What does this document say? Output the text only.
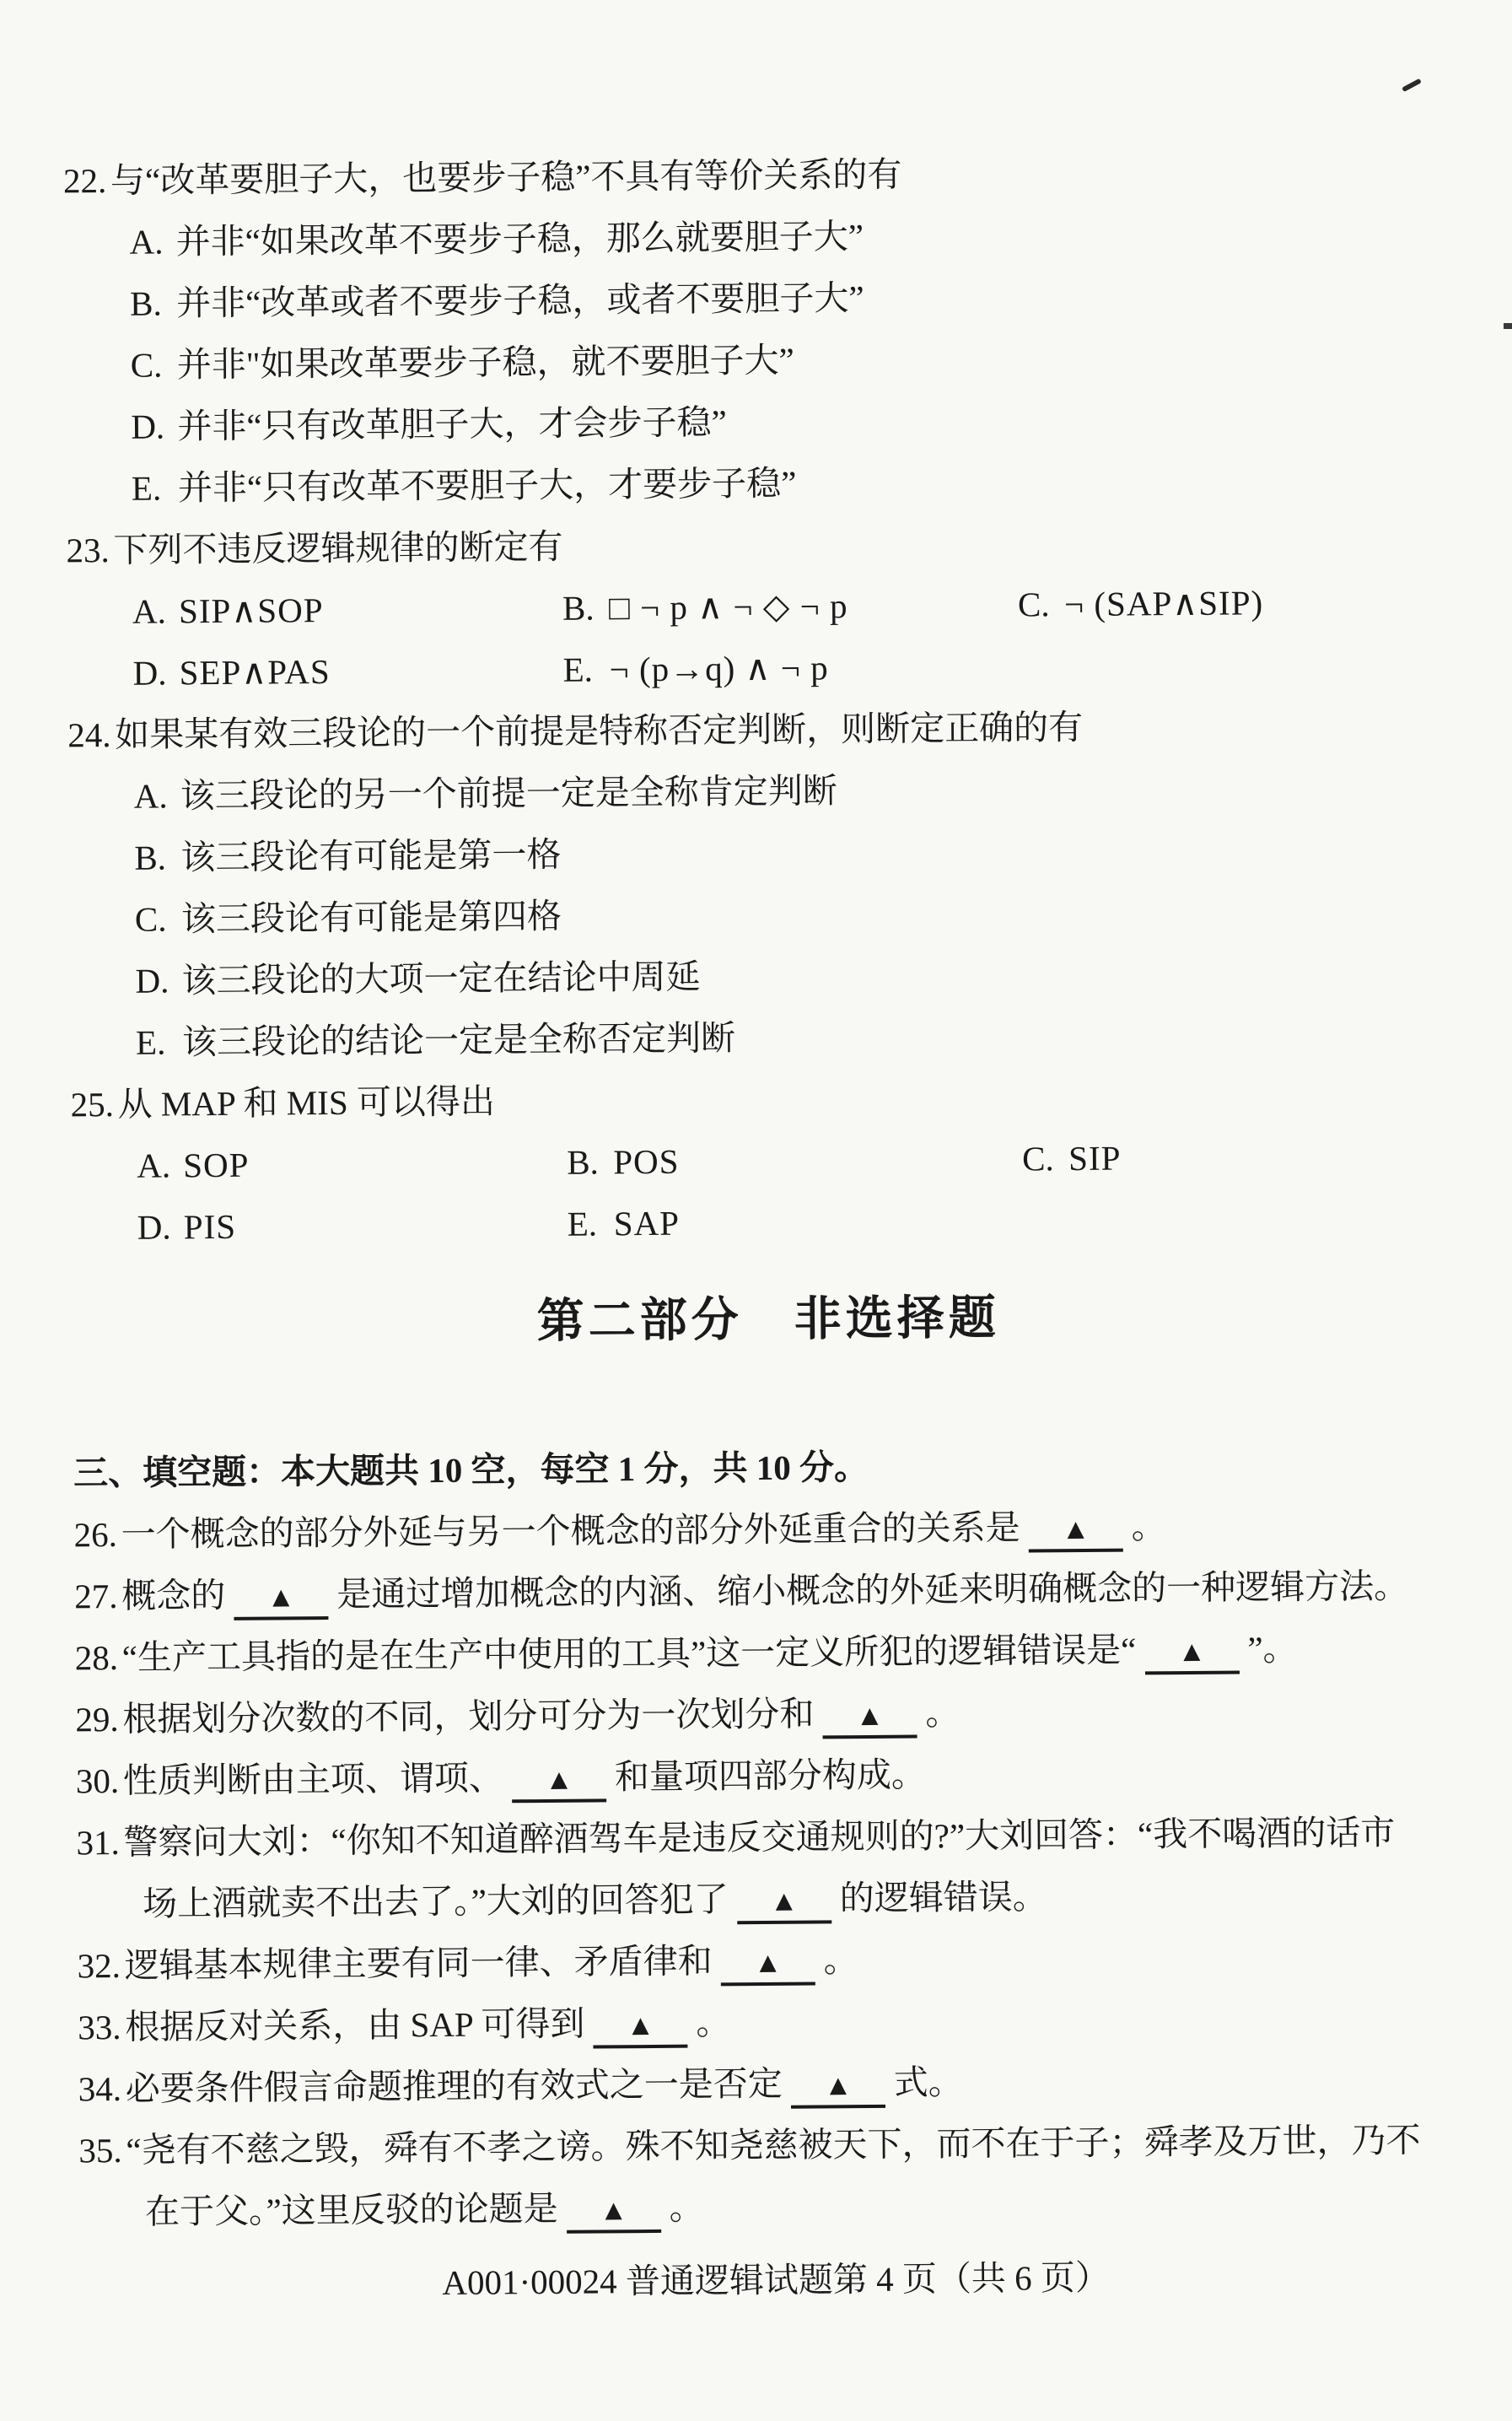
22. 与“改革要胆子大，也要步子稳”不具有等价关系的有
A. 并非“如果改革不要步子稳，那么就要胆子大”
B. 并非“改革或者不要步子稳，或者不要胆子大”
C. 并非"如果改革要步子稳，就不要胆子大”
D. 并非“只有改革胆子大，才会步子稳”
E. 并非“只有改革不要胆子大，才要步子稳”
23. 下列不违反逻辑规律的断定有
A. SIP∧SOP	B. □ ¬ p ∧ ¬ ◇ ¬ p	C. ¬ (SAP∧SIP)
D. SEP∧PAS	E. ¬ (p→q) ∧ ¬ p
24. 如果某有效三段论的一个前提是特称否定判断，则断定正确的有
A. 该三段论的另一个前提一定是全称肯定判断
B. 该三段论有可能是第一格
C. 该三段论有可能是第四格
D. 该三段论的大项一定在结论中周延
E. 该三段论的结论一定是全称否定判断
25. 从 MAP 和 MIS 可以得出
A. SOP	B. POS	C. SIP
D. PIS	E. SAP
第二部分　非选择题
三、填空题：本大题共 10 空，每空 1 分，共 10 分。
26. 一个概念的部分外延与另一个概念的部分外延重合的关系是 ▲ 。
27. 概念的 ▲ 是通过增加概念的内涵、缩小概念的外延来明确概念的一种逻辑方法。
28. “生产工具指的是在生产中使用的工具”这一定义所犯的逻辑错误是“ ▲ ”。
29. 根据划分次数的不同，划分可分为一次划分和 ▲ 。
30. 性质判断由主项、谓项、 ▲ 和量项四部分构成。
31. 警察问大刘：“你知不知道醉酒驾车是违反交通规则的?”大刘回答：“我不喝酒的话市
场上酒就卖不出去了。”大刘的回答犯了 ▲ 的逻辑错误。
32. 逻辑基本规律主要有同一律、矛盾律和 ▲ 。
33. 根据反对关系，由 SAP 可得到 ▲ 。
34. 必要条件假言命题推理的有效式之一是否定 ▲ 式。
35. “尧有不慈之毁，舜有不孝之谤。殊不知尧慈被天下，而不在于子；舜孝及万世，乃不
在于父。”这里反驳的论题是 ▲ 。
A001·00024 普通逻辑试题第 4 页（共 6 页）
